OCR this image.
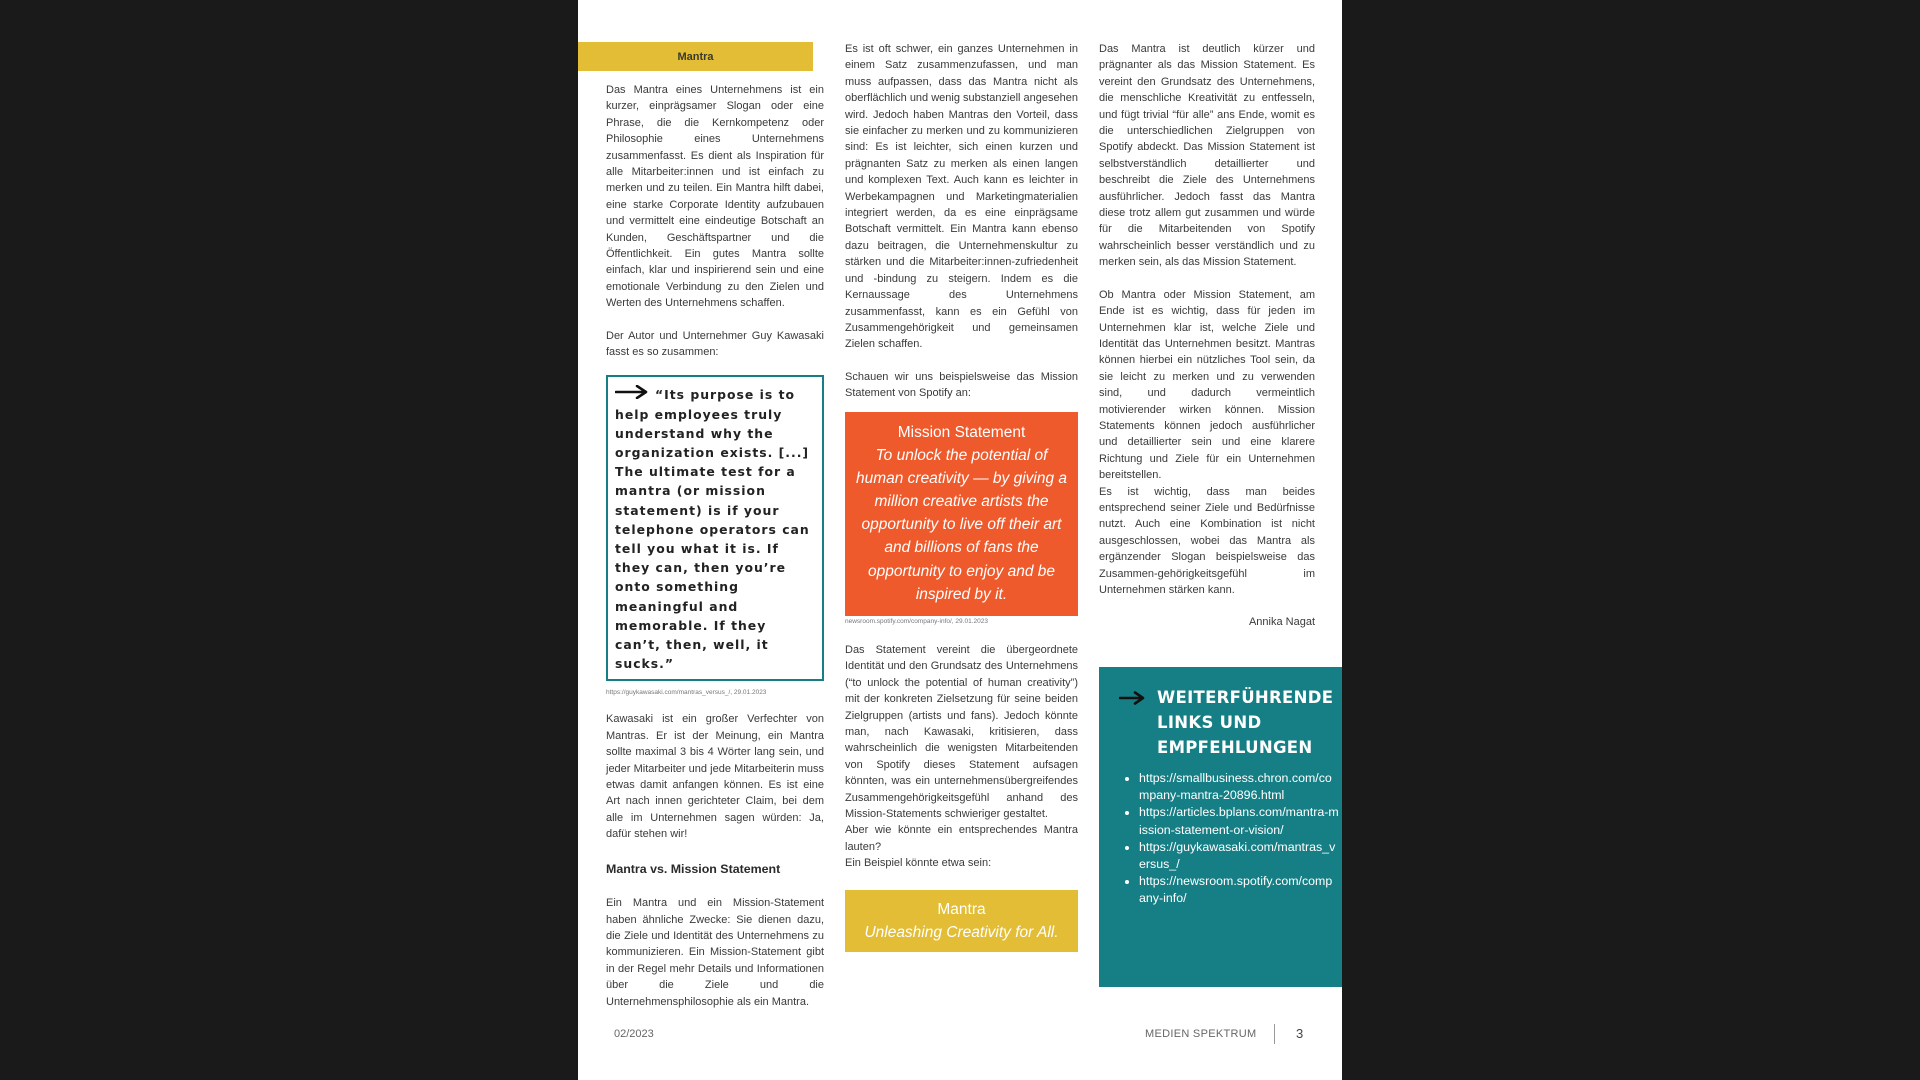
Mantra

Das Mantra eines Unternehmens ist ein kurzer, einprägsamer Slogan oder eine Phrase, die die Kernkompetenz oder Philosophie eines Unternehmens zusammenfasst. Es dient als Inspiration für alle Mitarbeiter:innen und ist einfach zu merken und zu teilen. Ein Mantra hilft dabei, eine starke Corporate Identity aufzubauen und vermittelt eine eindeutige Botschaft an Kunden, Geschäftspartner und die Öffentlichkeit. Ein gutes Mantra sollte einfach, klar und inspirierend sein und eine emotionale Verbindung zu den Zielen und Werten des Unternehmens schaffen.

Der Autor und Unternehmer Guy Kawasaki fasst es so zusammen:

“Its purpose is to help employees truly understand why the organization exists. [...] The ultimate test for a mantra (or mission statement) is if your telephone operators can tell you what it is. If they can, then you’re onto something meaningful and memorable. If they can’t, then, well, it sucks.”
https://guykawasaki.com/mantras_versus_/, 29.01.2023

Kawasaki ist ein großer Verfechter von Mantras. Er ist der Meinung, ein Mantra sollte maximal 3 bis 4 Wörter lang sein, und jeder Mitarbeiter und jede Mitarbeiterin muss etwas damit anfangen können. Es ist eine Art nach innen gerichteter Claim, bei dem alle im Unternehmen sagen würden: Ja, dafür stehen wir!

Mantra vs. Mission Statement

Ein Mantra und ein Mission-Statement haben ähnliche Zwecke: Sie dienen dazu, die Ziele und Identität des Unternehmens zu kommunizieren. Ein Mission-Statement gibt in der Regel mehr Details und Informationen über die Ziele und die Unternehmensphilosophie als ein Mantra.

Es ist oft schwer, ein ganzes Unternehmen in einem Satz zusammenzufassen, und man muss aufpassen, dass das Mantra nicht als oberflächlich und wenig substanziell angesehen wird. Jedoch haben Mantras den Vorteil, dass sie einfacher zu merken und zu kommunizieren sind: Es ist leichter, sich einen kurzen und prägnanten Satz zu merken als einen langen und komplexen Text. Auch kann es leichter in Werbekampagnen und Marketingmaterialien integriert werden, da es eine einprägsame Botschaft vermittelt. Ein Mantra kann ebenso dazu beitragen, die Unternehmenskultur zu stärken und die Mitarbeiter:innen-zufriedenheit und -bindung zu steigern. Indem es die Kernaussage des Unternehmens zusammenfasst, kann es ein Gefühl von Zusammengehörigkeit und gemeinsamen Zielen schaffen.

Schauen wir uns beispielsweise das Mission Statement von Spotify an:

Mission Statement
To unlock the potential of human creativity — by giving a million creative artists the opportunity to live off their art and billions of fans the opportunity to enjoy and be inspired by it.
newsroom.spotify.com/company-info/, 29.01.2023

Das Statement vereint die übergeordnete Identität und den Grundsatz des Unternehmens (“to unlock the potential of human creativity”) mit der konkreten Zielsetzung für seine beiden Zielgruppen (artists und fans). Jedoch könnte man, nach Kawasaki, kritisieren, dass wahrscheinlich die wenigsten Mitarbeitenden von Spotify dieses Statement aufsagen könnten, was ein unternehmensübergreifendes Zusammengehörigkeitsgefühl anhand des Mission-Statements schwieriger gestaltet.

Aber wie könnte ein entsprechendes Mantra lauten?

Ein Beispiel könnte etwa sein:

Mantra
Unleashing Creativity for All.

Das Mantra ist deutlich kürzer und prägnanter als das Mission Statement. Es vereint den Grundsatz des Unternehmens, die menschliche Kreativität zu entfesseln, und fügt trivial “für alle” ans Ende, womit es die unterschiedlichen Zielgruppen von Spotify abdeckt. Das Mission Statement ist selbstverständlich detaillierter und beschreibt die Ziele des Unternehmens ausführlicher. Jedoch fasst das Mantra diese trotz allem gut zusammen und würde für die Mitarbeitenden von Spotify wahrscheinlich besser verständlich und zu merken sein, als das Mission Statement.

Ob Mantra oder Mission Statement, am Ende ist es wichtig, dass für jeden im Unternehmen klar ist, welche Ziele und Identität das Unternehmen besitzt. Mantras können hierbei ein nützliches Tool sein, da sie leicht zu merken und zu verwenden sind, und dadurch vermeintlich motivierender wirken können. Mission Statements können jedoch ausführlicher und detaillierter sein und eine klarere Richtung und Ziele für ein Unternehmen bereitstellen.

Es ist wichtig, dass man beides entsprechend seiner Ziele und Bedürfnisse nutzt. Auch eine Kombination ist nicht ausgeschlossen, wobei das Mantra als ergänzender Slogan beispielsweise das Zusammen-gehörigkeitsgefühl im Unternehmen stärken kann.

Annika Nagat
WEITERFÜHRENDE LINKS UND EMPFEHLUNGEN
• https://smallbusiness.chron.com/company-mantra-20896.html
• https://articles.bplans.com/mantra-mission-statement-or-vision/
• https://guykawasaki.com/mantras_versus_/
• https://newsroom.spotify.com/company-info/
02/2023	MEDIEN SPEKTRUM	3
